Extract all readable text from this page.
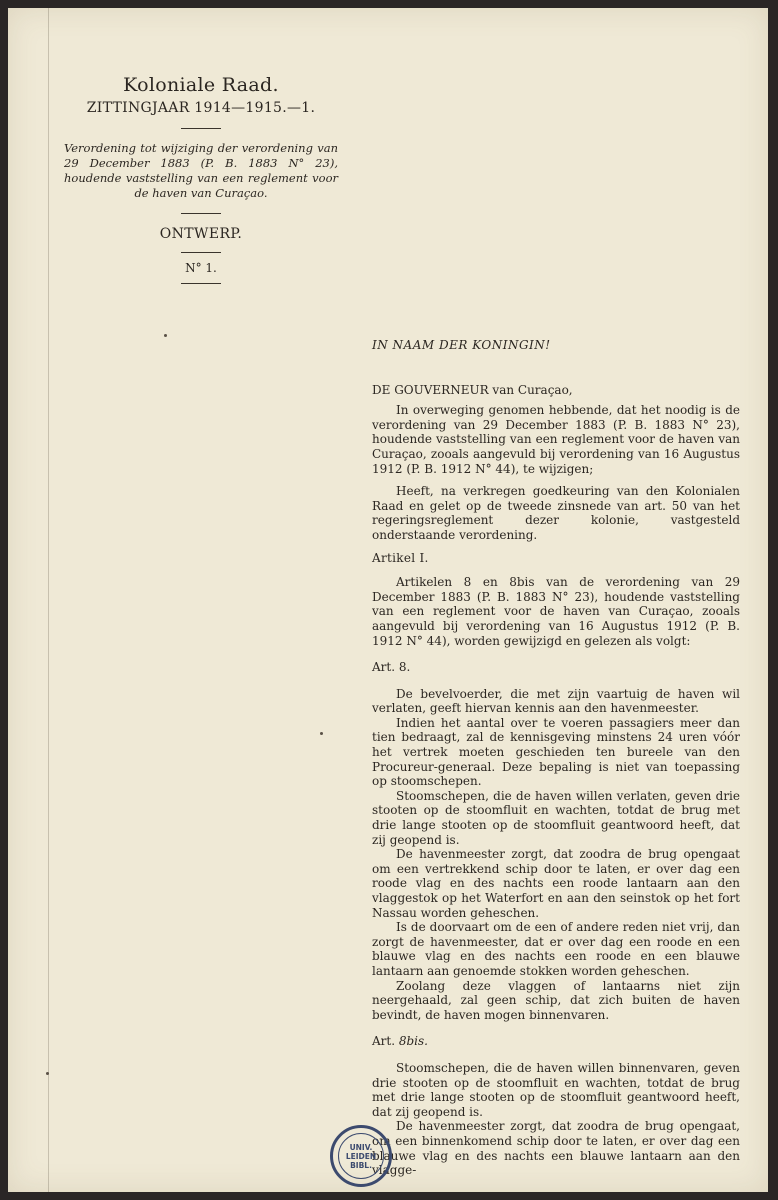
Koloniale Raad.

ZITTINGJAAR 1914—1915.—1.

Verordening tot wijziging der verordening van 29 December 1883 (P. B. 1883 N° 23), houdende vaststelling van een reglement voor de haven van Curaçao.

ONTWERP.

N° 1.

IN NAAM DER KONINGIN!

DE GOUVERNEUR van Curaçao,

In overweging genomen hebbende, dat het noodig is de verordening van 29 December 1883 (P. B. 1883 N° 23), houdende vaststelling van een reglement voor de haven van Curaçao, zooals aangevuld bij verordening van 16 Augustus 1912 (P. B. 1912 N° 44), te wijzigen;

Heeft, na verkregen goedkeuring van den Kolonialen Raad en gelet op de tweede zinsnede van art. 50 van het regeringsreglement dezer kolonie, vastgesteld onderstaande verordening.

Artikel I.

Artikelen 8 en 8bis van de verordening van 29 December 1883 (P. B. 1883 N° 23), houdende vaststelling van een reglement voor de haven van Curaçao, zooals aangevuld bij verordening van 16 Augustus 1912 (P. B. 1912 N° 44), worden gewijzigd en gelezen als volgt:

Art. 8.

De bevelvoerder, die met zijn vaartuig de haven wil verlaten, geeft hiervan kennis aan den havenmeester.

Indien het aantal over te voeren passagiers meer dan tien bedraagt, zal de kennisgeving minstens 24 uren vóór het vertrek moeten geschieden ten bureele van den Procureur-generaal. Deze bepaling is niet van toepassing op stoomschepen.

Stoomschepen, die de haven willen verlaten, geven drie stooten op de stoomfluit en wachten, totdat de brug met drie lange stooten op de stoomfluit geantwoord heeft, dat zij geopend is.

De havenmeester zorgt, dat zoodra de brug opengaat om een vertrekkend schip door te laten, er over dag een roode vlag en des nachts een roode lantaarn aan den vlaggestok op het Waterfort en aan den seinstok op het fort Nassau worden geheschen.

Is de doorvaart om de een of andere reden niet vrij, dan zorgt de havenmeester, dat er over dag een roode en een blauwe vlag en des nachts een roode en een blauwe lantaarn aan genoemde stokken worden geheschen.

Zoolang deze vlaggen of lantaarns niet zijn neergehaald, zal geen schip, dat zich buiten de haven bevindt, de haven mogen binnenvaren.

Art. 8bis.

Stoomschepen, die de haven willen binnenvaren, geven drie stooten op de stoomfluit en wachten, totdat de brug met drie lange stooten op de stoomfluit geantwoord heeft, dat zij geopend is.

De havenmeester zorgt, dat zoodra de brug opengaat, om een binnenkomend schip door te laten, er over dag een blauwe vlag en des nachts een blauwe lantaarn aan den vlagge-

UNIV.
LEIDEN
BIBL.
